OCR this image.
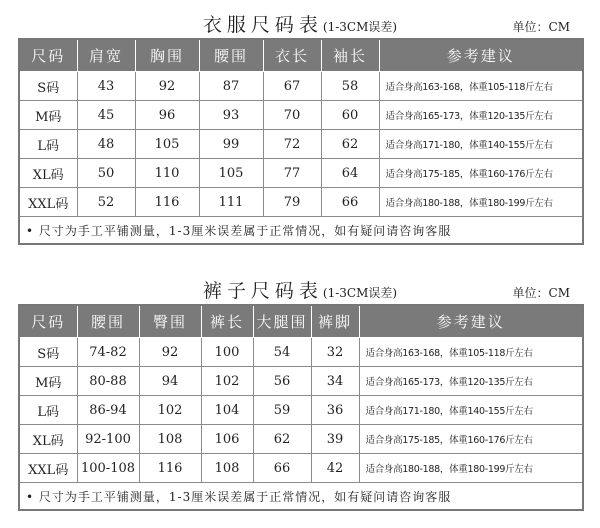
衣服尺码表(1-3CM误差)	单位：CM
尺码	肩宽	胸围	腰围	衣长	袖长	参考建议
S码	43	92	87	67	58	适合身高163-168，体重105-118斤左右
M码	45	96	93	70	60	适合身高165-173，体重120-135斤左右
L码	48	105	99	72	62	适合身高171-180，体重140-155斤左右
XL码	50	110	105	77	64	适合身高175-185，体重160-176斤左右
XXL码	52	116	111	79	66	适合身高180-188，体重180-199斤左右
• 尺寸为手工平铺测量，1-3厘米误差属于正常情况，如有疑问请咨询客服						
裤子尺码表(1-3CM误差)	单位：CM
尺码	腰围	臀围	裤长	大腿围	裤脚	参考建议
S码	74-82	92	100	54	32	适合身高163-168，体重105-118斤左右
M码	80-88	94	102	56	34	适合身高165-173，体重120-135斤左右
L码	86-94	102	104	59	36	适合身高171-180，体重140-155斤左右
XL码	92-100	108	106	62	39	适合身高175-185，体重160-176斤左右
XXL码	100-108	116	108	66	42	适合身高180-188，体重180-199斤左右
• 尺寸为手工平铺测量，1-3厘米误差属于正常情况，如有疑问请咨询客服						
